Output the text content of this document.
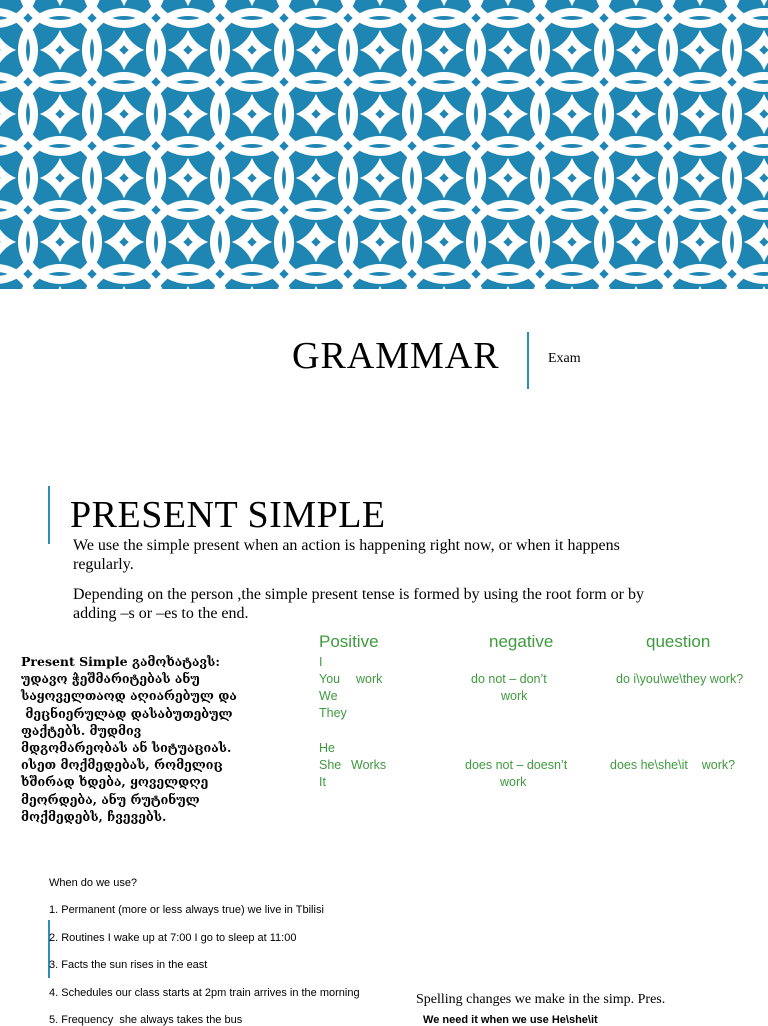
GRAMMAR	Exam
PRESENT SIMPLE
We use the simple present when an action is happening right now, or when it happens regularly.
Depending on the person ,the simple present tense is formed by using the root form or by adding –s or –es to the end.
Present Simple გამოხატავს:
უდავო ჭეშმარიტებას ანუ
საყოველთაოდ აღიარებულ და
მეცნიერულად დასაბუთებულ
ფაქტებს. მუდმივ
მდგომარეობას ან სიტუაციას.
ისეთ მოქმედებას, რომელიც
ხშირად ხდება, ყოველდღე
მეორდება, ანუ რუტინულ
მოქმედებს, ჩვევებს.
Positive	negative	question
I
You work	do not – don’t	do i\you\we\they work?
We	work
They
He
She Works	does not – doesn’t	does he\she\it    work?
It	work
When do we use?
1. Permanent (more or less always true) we live in Tbilisi
2. Routines I wake up at 7:00 I go to sleep at 11:00
3. Facts the sun rises in the east
4. Schedules our class starts at 2pm train arrives in the morning
5. Frequency  she always takes the bus
Spelling changes we make in the simp. Pres.
We need it when we use He\she\it
